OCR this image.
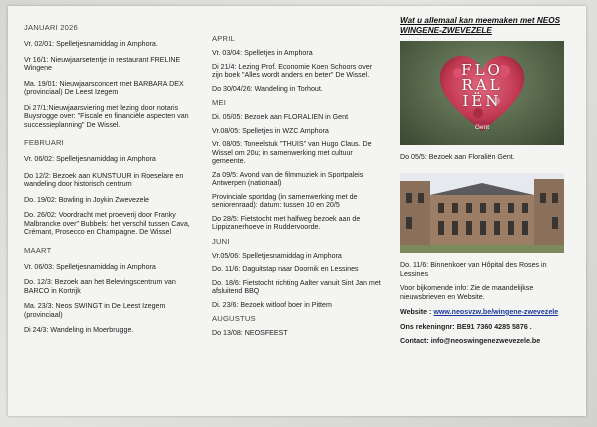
JANUARI 2026
Vr. 02/01: Spelletjesnamiddag in Amphora.
Vr 16/1: Nieuwjaarsetentje in restaurant FRELINE Wingene
Ma. 19/01: Nieuwjaarsconcert met BARBARA DEX (provinciaal) De Leest Izegem
Di 27/1:Nieuwjaarsviering met lezing door notaris Buysrogge over: "Fiscale en financiële aspecten van successieplanning" De Wissel.
FEBRUARI
Vr. 06/02: Spelletjesnamiddag in Amphora
Do 12/2: Bezoek aan KUNSTUUR in Roeselare en wandeling door historisch centrum
Do. 19/02: Bowling in Joykin Zwevezele
Do. 26/02: Voordracht met proeverij door Franky Malbrancke over" Bubbels: het verschil tussen Cava, Crémant, Prosecco en Champagne. De Wissel
MAART
Vr. 06/03: Spelletjesnamiddag in Amphora
Do. 12/3: Bezoek aan het Belevingscentrum van BARCO in Kortrijk
Ma. 23/3: Neos SWINGT in De Leest Izegem (provinciaal)
Di 24/3: Wandeling in Moerbrugge.
APRIL
Vr. 03/04: Spelletjes in Amphora
Di 21/4: Lezing Prof. Economie Koen Schoors over zijn boek "Alles wordt anders en beter" De Wissel.
Do 30/04/26: Wandeling in Torhout.
MEI
Di. 05/05: Bezoek aan FLORALIEN in Gent
Vr.08/05: Spelletjes in WZC Amphora
Vr. 08/05: Toneelstuk "THUIS" van Hugo Claus. De Wissel om 20u; in samenwerking met cultuur gemeente.
Za 09/5: Avond van de filmmuziek in Sportpaleis Antwerpen (nationaal)
Provinciale sportdag (in samenwerking met de seniorenraad): datum: tussen 10 en 20/5
Do 28/5: Fietstocht met halfweg bezoek aan de Lippizanerhoeve in Ruddervoorde.
JUNI
Vr.05/06: Spelletjesnamiddag in Amphora
Do. 11/6: Daguitstap naar Doornik en Lessines
Do. 18/6: Fietstocht richting Aalter vanuit Sint Jan met afsluitend BBQ
Di. 23/6: Bezoek witloof boer in Pittem
AUGUSTUS
Do 13/08: NEOSFEEST
Wat u allemaal kan meemaken met NEOS WINGENE-ZWEVEZELE
FLO
RAL
IËN
Gent
Do 05/5: Bezoek aan Floraliën Gent.
Do. 11/6: Binnenkoer van Hôpital des Roses in Lessines
Voor bijkomende info: Zie de maandelijkse nieuwsbrieven en Website.
Website : www.neosvzw.be/wingene-zwevezele
Ons rekeningnr: BE91 7360 4285 5876 .
Contact: info@neoswingenezwevezele.be
